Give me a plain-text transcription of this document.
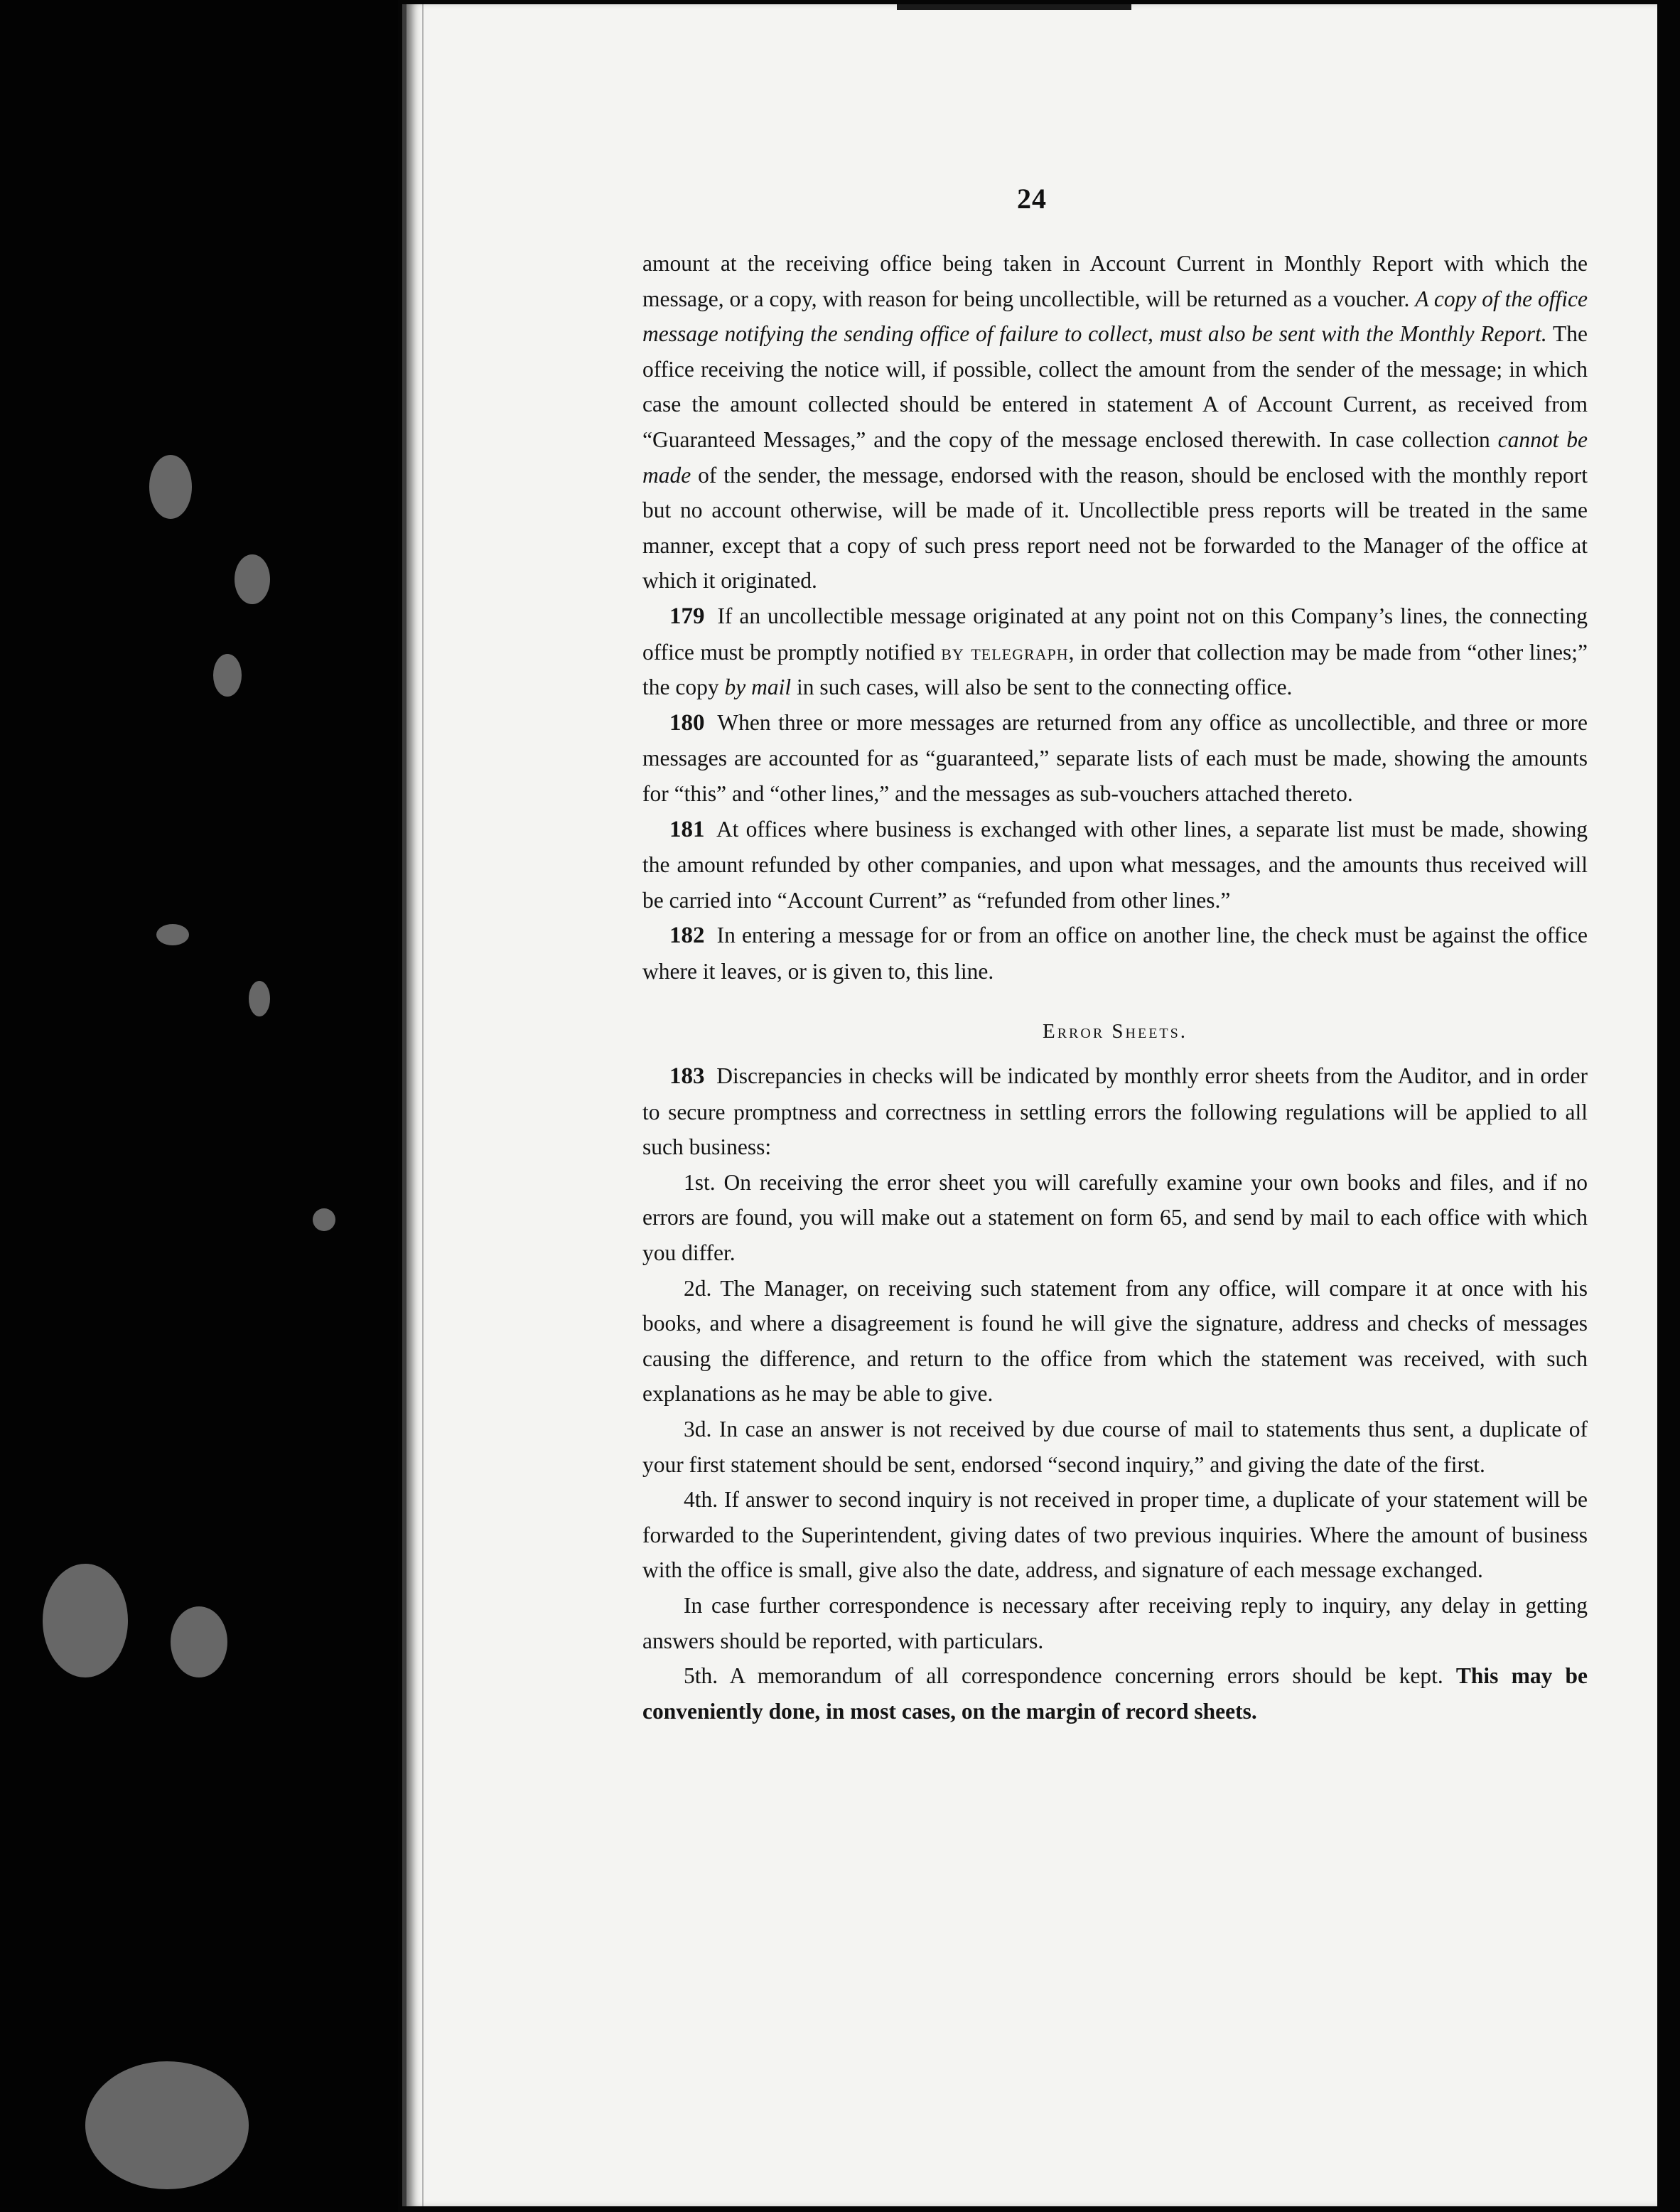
24

amount at the receiving office being taken in Account Current in Monthly Report with which the message, or a copy, with reason for being uncollectible, will be returned as a voucher. A copy of the office message notifying the sending office of failure to collect, must also be sent with the Monthly Report. The office receiving the notice will, if possible, collect the amount from the sender of the message; in which case the amount collected should be entered in statement A of Account Current, as received from “Guaranteed Messages,” and the copy of the message enclosed therewith. In case collection cannot be made of the sender, the message, endorsed with the reason, should be enclosed with the monthly report but no account otherwise, will be made of it. Uncollectible press reports will be treated in the same manner, except that a copy of such press report need not be forwarded to the Manager of the office at which it originated.

179 If an uncollectible message originated at any point not on this Company’s lines, the connecting office must be promptly notified by telegraph, in order that collection may be made from “other lines;” the copy by mail in such cases, will also be sent to the connecting office.

180 When three or more messages are returned from any office as uncollectible, and three or more messages are accounted for as “guaranteed,” separate lists of each must be made, showing the amounts for “this” and “other lines,” and the messages as sub-vouchers attached thereto.

181 At offices where business is exchanged with other lines, a separate list must be made, showing the amount refunded by other companies, and upon what messages, and the amounts thus received will be carried into “Account Current” as “refunded from other lines.”

182 In entering a message for or from an office on another line, the check must be against the office where it leaves, or is given to, this line.

Error Sheets.

183 Discrepancies in checks will be indicated by monthly error sheets from the Auditor, and in order to secure promptness and correctness in settling errors the following regulations will be applied to all such business:

1st. On receiving the error sheet you will carefully examine your own books and files, and if no errors are found, you will make out a statement on form 65, and send by mail to each office with which you differ.

2d. The Manager, on receiving such statement from any office, will compare it at once with his books, and where a disagreement is found he will give the signature, address and checks of messages causing the difference, and return to the office from which the statement was received, with such explanations as he may be able to give.

3d. In case an answer is not received by due course of mail to statements thus sent, a duplicate of your first statement should be sent, endorsed “second inquiry,” and giving the date of the first.

4th. If answer to second inquiry is not received in proper time, a duplicate of your statement will be forwarded to the Superintendent, giving dates of two previous inquiries. Where the amount of business with the office is small, give also the date, address, and signature of each message exchanged.

In case further correspondence is necessary after receiving reply to inquiry, any delay in getting answers should be reported, with particulars.

5th. A memorandum of all correspondence concerning errors should be kept. This may be conveniently done, in most cases, on the margin of record sheets.
